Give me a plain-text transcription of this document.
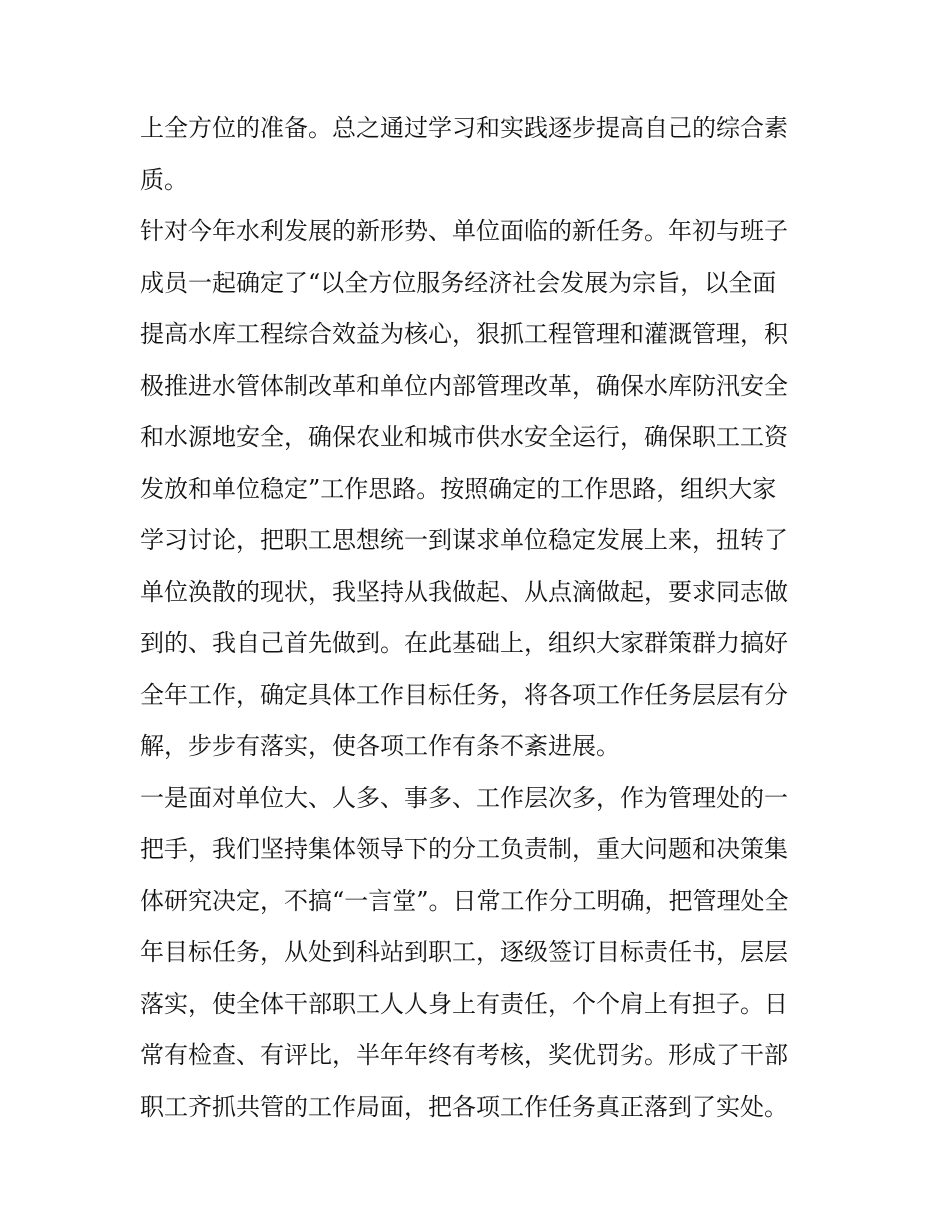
上全方位的准备。总之通过学习和实践逐步提高自己的综合素
质。
针对今年水利发展的新形势、单位面临的新任务。年初与班子
成员一起确定了“以全方位服务经济社会发展为宗旨，以全面
提高水库工程综合效益为核心，狠抓工程管理和灌溉管理，积
极推进水管体制改革和单位内部管理改革，确保水库防汛安全
和水源地安全，确保农业和城市供水安全运行，确保职工工资
发放和单位稳定”工作思路。按照确定的工作思路，组织大家
学习讨论，把职工思想统一到谋求单位稳定发展上来，扭转了
单位涣散的现状，我坚持从我做起、从点滴做起，要求同志做
到的、我自己首先做到。在此基础上，组织大家群策群力搞好
全年工作，确定具体工作目标任务，将各项工作任务层层有分
解，步步有落实，使各项工作有条不紊进展。
一是面对单位大、人多、事多、工作层次多，作为管理处的一
把手，我们坚持集体领导下的分工负责制，重大问题和决策集
体研究决定，不搞“一言堂”。日常工作分工明确，把管理处全
年目标任务，从处到科站到职工，逐级签订目标责任书，层层
落实，使全体干部职工人人身上有责任，个个肩上有担子。日
常有检查、有评比，半年年终有考核，奖优罚劣。形成了干部
职工齐抓共管的工作局面，把各项工作任务真正落到了实处。
